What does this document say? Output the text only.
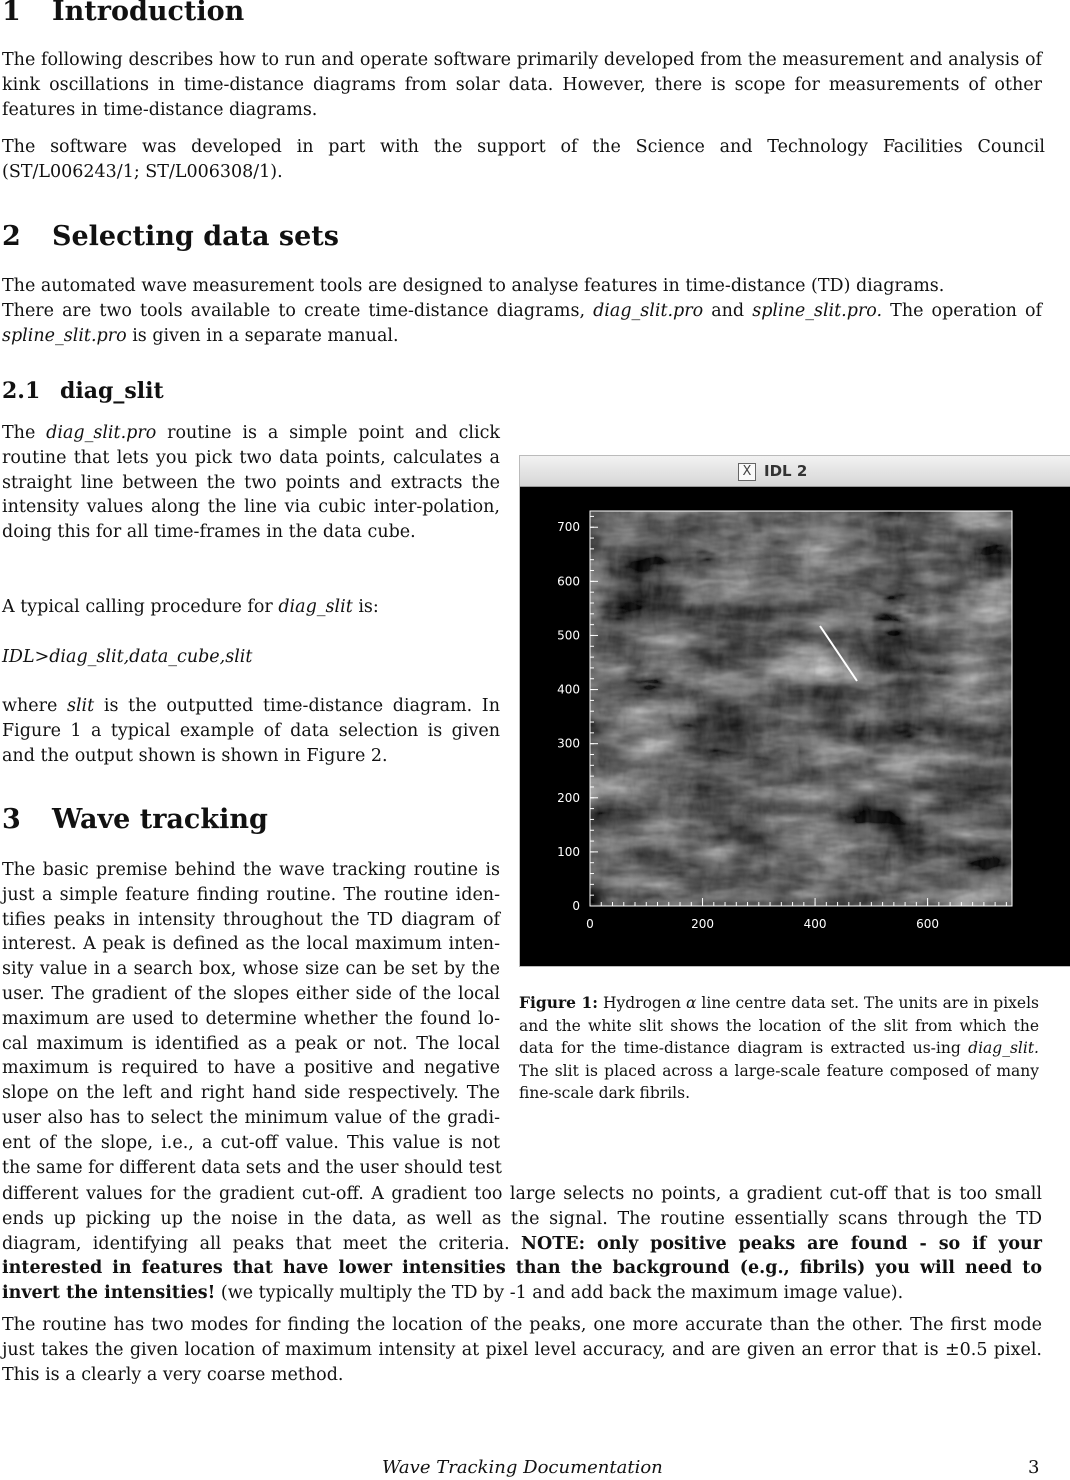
1 Introduction

The following describes how to run and operate software primarily developed from the measurement and analysis of kink oscillations in time-distance diagrams from solar data. However, there is scope for measurements of other features in time-distance diagrams.

The software was developed in part with the support of the Science and Technology Facilities Council (ST/L006243/1; ST/L006308/1).

2 Selecting data sets

The automated wave measurement tools are designed to analyse features in time-distance (TD) diagrams.

There are two tools available to create time-distance diagrams, diag_slit.pro and spline_slit.pro. The operation of spline_slit.pro is given in a separate manual.

2.1 diag_slit

The diag_slit.pro routine is a simple point and click routine that lets you pick two data points, calculates a straight line between the two points and extracts the intensity values along the line via cubic inter-polation, doing this for all time-frames in the data cube.

A typical calling procedure for diag_slit is:

IDL>diag_slit,data_cube,slit

where slit is the outputted time-distance diagram. In Figure 1 a typical example of data selection is given and the output shown is shown in Figure 2.

3 Wave tracking
The basic premise behind the wave tracking routine is
just a simple feature finding routine. The routine iden-
tifies peaks in intensity throughout the TD diagram of
interest. A peak is defined as the local maximum inten-
sity value in a search box, whose size can be set by the
user. The gradient of the slopes either side of the local
maximum are used to determine whether the found lo-
cal maximum is identified as a peak or not. The local
maximum is required to have a positive and negative
slope on the left and right hand side respectively. The
user also has to select the minimum value of the gradi-
ent of the slope, i.e., a cut-off value. This value is not
the same for different data sets and the user should test

different values for the gradient cut-off. A gradient too large selects no points, a gradient cut-off that is too small ends up picking up the noise in the data, as well as the signal. The routine essentially scans through the TD diagram, identifying all peaks that meet the criteria. NOTE: only positive peaks are found - so if your interested in features that have lower intensities than the background (e.g., fibrils) you will need to invert the intensities! (we typically multiply the TD by -1 and add back the maximum image value).

The routine has two modes for finding the location of the peaks, one more accurate than the other. The first mode just takes the given location of maximum intensity at pixel level accuracy, and are given an error that is ±0.5 pixel. This is a clearly a very coarse method.

X IDL 2
0
100
200
300
400
500
600
700
0	200	400	600
Figure 1: Hydrogen α line centre data set. The units are in pixels and the white slit shows the location of the slit from which the data for the time-distance diagram is extracted us-ing diag_slit. The slit is placed across a large-scale feature composed of many fine-scale dark fibrils.
Wave Tracking Documentation	3
